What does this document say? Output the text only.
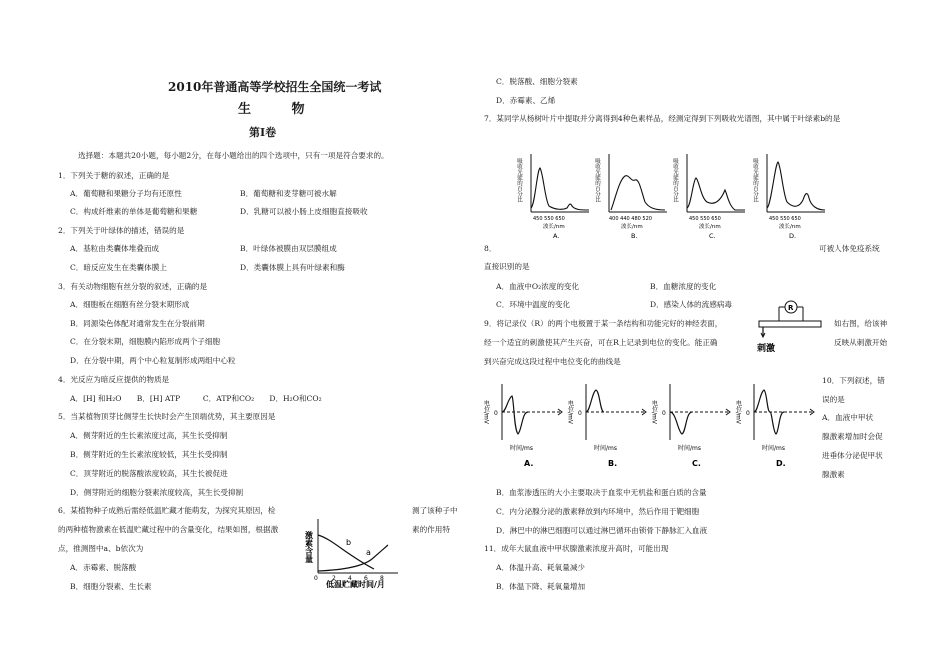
2010年普通高等学校招生全国统一考试
生 物
第Ⅰ卷
选择题：本题共20小题，每小题2分，在每小题给出的四个选项中，只有一项是符合要求的。
1．下列关于糖的叙述，正确的是
A．葡萄糖和果糖分子均有还原性	B．葡萄糖和麦芽糖可被水解
C．构成纤维素的单体是葡萄糖和果糖	D．乳糖可以被小肠上皮细胞直接吸收
2．下列关于叶绿体的描述，错误的是
A．基粒由类囊体堆叠而成	B．叶绿体被膜由双层膜组成
C．暗反应发生在类囊体膜上	D．类囊体膜上具有叶绿素和酶
3．有关动物细胞有丝分裂的叙述，正确的是
A．细胞板在细胞有丝分裂末期形成
B．同源染色体配对通常发生在分裂前期
C．在分裂末期，细胞膜内陷形成两个子细胞
D．在分裂中期，两个中心粒复制形成两组中心粒
4．光反应为暗反应提供的物质是
A．[H] 和H₂O　　B．[H] ATP　　　C．ATP和CO₂　　D．H₂O和CO₂
5．当某植物顶芽比侧芽生长快时会产生顶端优势，其主要原因是
A．侧芽附近的生长素浓度过高，其生长受抑制
B．侧芽附近的生长素浓度较低，其生长受抑制
C．顶芽附近的脱落酸浓度较高，其生长被促进
D．侧芽附近的细胞分裂素浓度较高，其生长受抑制
6．某植物种子成熟后需经低温贮藏才能萌发，为探究其原因，检	测了该种子中
的两种植物激素在低温贮藏过程中的含量变化，结果如图，根据激	素的作用特
点，推测图中a、b依次为
A．赤霉素、脱落酸
B．细胞分裂素、生长素
激素含量	b
a
0 2 4 6 8
低温贮藏时间/月
C．脱落酸、细胞分裂素
D．赤霉素、乙烯
7．某同学从杨树叶片中提取并分离得到4种色素样品，经测定得到下列吸收光谱图，其中属于叶绿素b的是
吸收光能的百分比
450 550 650
波长/nm
A.
吸收光能的百分比
400 440 480 520
波长/nm
B.
吸收光能的百分比
450 550 650
波长/nm
C.
吸收光能的百分比
450 550 650
波长/nm
D.
8．	可被人体免疫系统
直接识别的是
A．血液中O₂浓度的变化	B．血糖浓度的变化
C．环境中温度的变化	D．感染人体的流感病毒
9．将记录仪（R）的两个电极置于某一条结构和功能完好的神经表面，	如右图，给该神
经一个适宜的刺激使其产生兴奋，可在R上记录到电位的变化。能正确	反映从刺激开始
到兴奋完成这段过程中电位变化的曲线是
R
刺激
电位/mV 0
时间/ms
A.
电位/mV 0
时间/ms
B.
电位/mV 0
时间/ms
C.
电位/mV 0
时间/ms
D.
10．下列叙述，错
误的是
A．血液中甲状
腺激素增加时会促
进垂体分泌促甲状
腺激素
B．血浆渗透压的大小主要取决于血浆中无机盐和蛋白质的含量
C．内分泌腺分泌的激素释放到内环境中，然后作用于靶细胞
D．淋巴中的淋巴细胞可以通过淋巴循环由锁骨下静脉汇入血液
11．成年大鼠血液中甲状腺激素浓度升高时，可能出现
A．体温升高、耗氧量减少
B．体温下降、耗氧量增加
